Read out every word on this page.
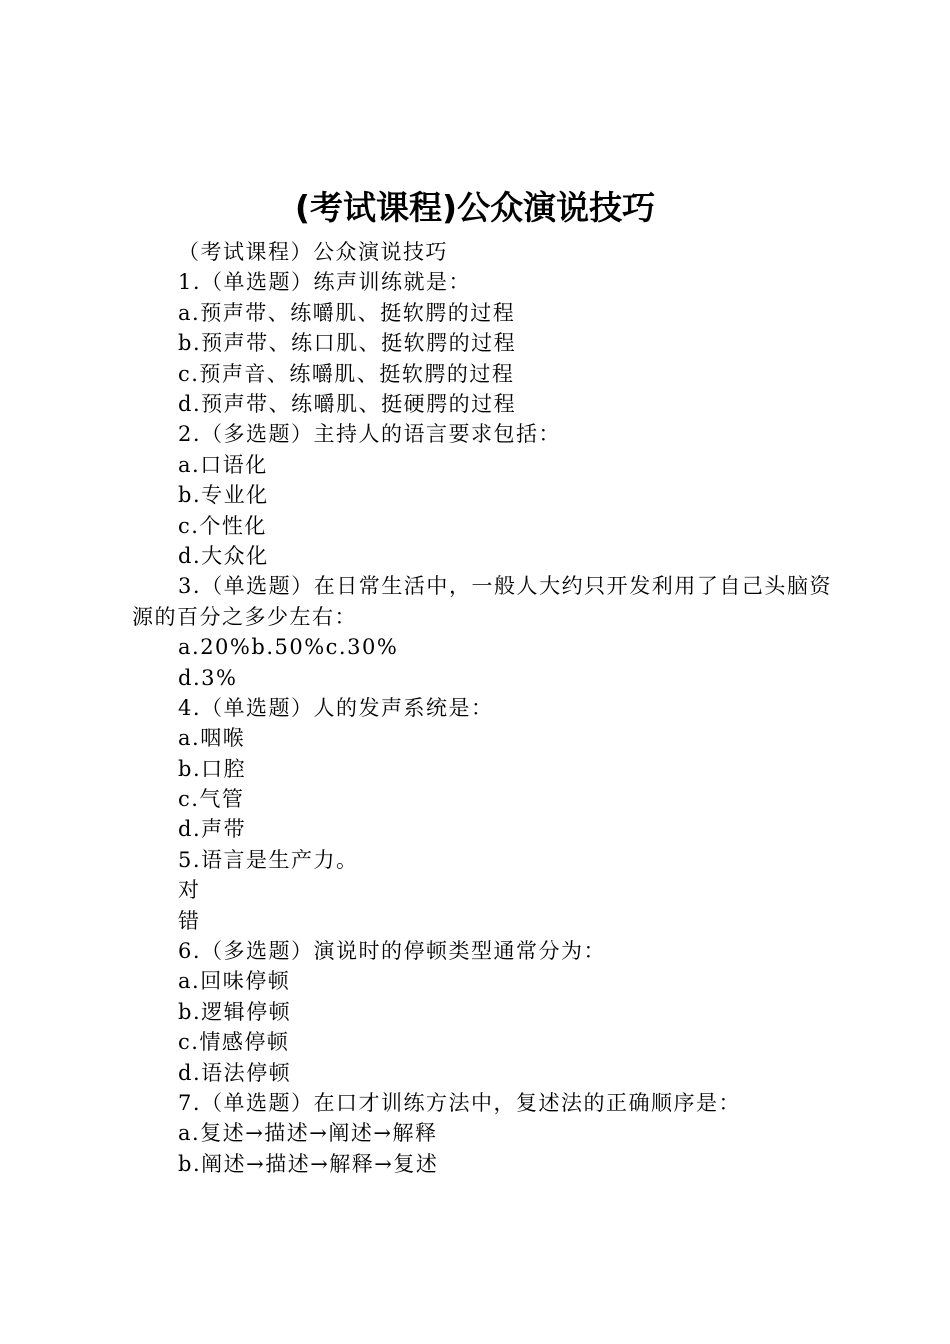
(考试课程)公众演说技巧
（考试课程）公众演说技巧
1.（单选题）练声训练就是：
a.预声带、练嚼肌、挺软腭的过程
b.预声带、练口肌、挺软腭的过程
c.预声音、练嚼肌、挺软腭的过程
d.预声带、练嚼肌、挺硬腭的过程
2.（多选题）主持人的语言要求包括：
a.口语化
b.专业化
c.个性化
d.大众化
3.（单选题）在日常生活中，一般人大约只开发利用了自己头脑资源的百分之多少左右：
a.20%b.50%c.30%
d.3%
4.（单选题）人的发声系统是：
a.咽喉
b.口腔
c.气管
d.声带
5.语言是生产力。
对
错
6.（多选题）演说时的停顿类型通常分为：
a.回味停顿
b.逻辑停顿
c.情感停顿
d.语法停顿
7.（单选题）在口才训练方法中，复述法的正确顺序是：
a.复述→描述→阐述→解释
b.阐述→描述→解释→复述
